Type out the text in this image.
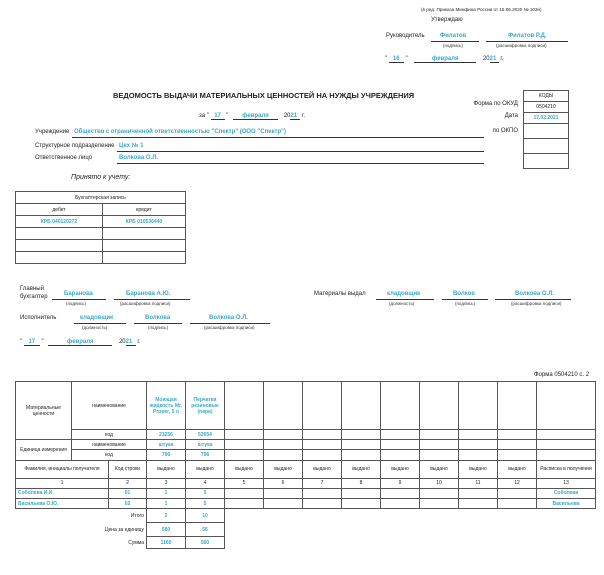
(в ред. Приказа Минфина России от 15.06.2020 № 103н)
Утверждаю
Руководитель	Филатов	Филатов Р.Д.
(подпись)	(расшифровка подписи)
" 16 "	февраля	2021 г.
ВЕДОМОСТЬ ВЫДАЧИ МАТЕРИАЛЬНЫХ ЦЕННОСТЕЙ НА НУЖДЫ УЧРЕЖДЕНИЯ
за " 17 " февраля 2021 г.
Форма по ОКУД
Дата
по ОКПО
КОДЫ
0504210
17.02.2021

Учреждение Общество с ограниченной ответственностью "Спектр" (ООО "Спектр")
Структурное подразделение Цех № 1
Ответственное лицо	Волкова О.Л.
Принято к учету:
Бухгалтерская запись	
дебет	кредит
КРБ 040120272	КРБ 010536440

Главный
бухгалтер	Баранова	Баранова А.Ю.
(подпись)	(расшифровка подписи)
Материалы выдал	кладовщик	Волков	Волкова О.Л.
(должность)	(подпись)	(расшифровка подписи)
Исполнитель	кладовщик	Волкова	Волкова О.Л.
(должность)	(подпись)	(расшифровка подписи)
" 17 "	февраля	2021 г.
Форма 0504210 с. 2
Материальные ценности	наименование		Моющая жидкость Mr. Proper, 5 л	Перчатки резиновые (пара)									
	код		23256	52654									
Единица измерения	наименование		штука	штука									
	код		796	796									
Фамилия, инициалы получателя		Код строки	выдано	выдано	выдано	выдано	выдано	выдано	выдано	выдано	выдано	выдано	Расписка в получении
1		2	3	4	5	6	7	8	9	10	11	12	13
Соболева И.И.		01	1	5									Соболева
Васильева О.Ю.		02	1	5									Васильева
Итого			2	10									
Цена за единицу			580	56									
Сумма			1160	560									
